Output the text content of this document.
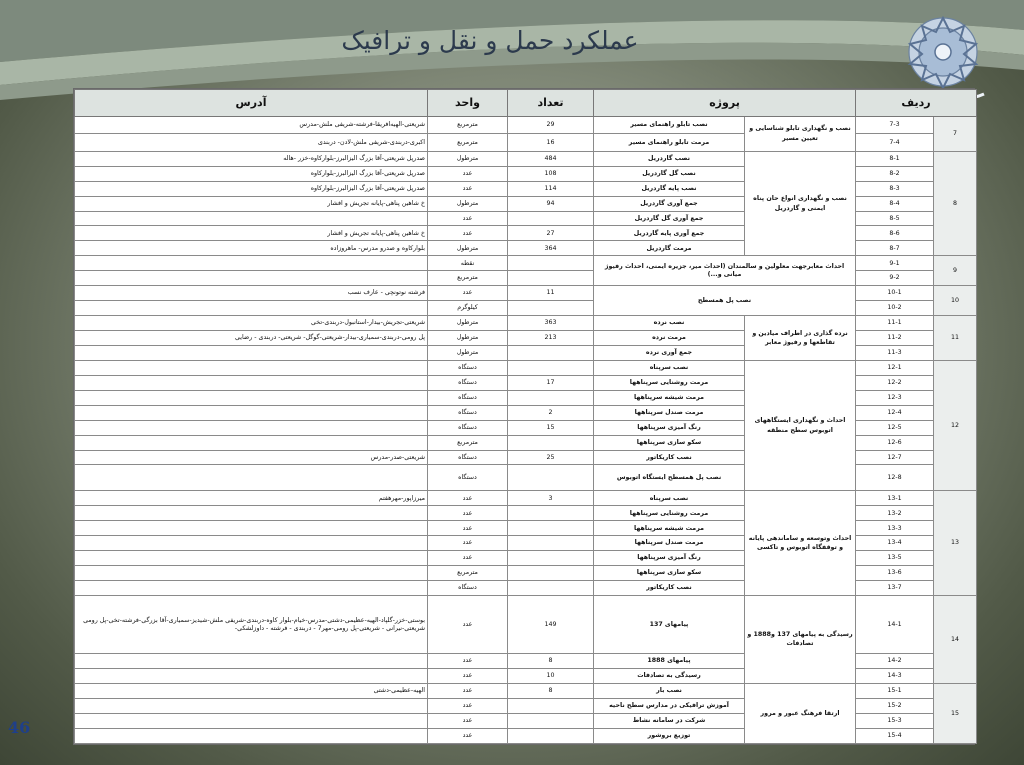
عملکرد حمل و نقل و ترافیک
46
ردیف		پروژه		تعداد	واحد	آدرس
7	7-3	نصب و نگهداری تابلو شناسایی و تعیین مسیر	نصب تابلو راهنمای مسیر	29	مترمربع	شریعتی-الهیه‌افریقا-فرشته-شریفی ملش-مدرس
	7-4		مرمت تابلو راهنمای مسیر	16	مترمربع	اکبری-دربندی-شریفی ملش-لادن- دربندی
8	8-1	نصب و نگهداری انواع حان پناه ایمنی و گاردریل	نصب گاردریل	484	مترطول	صدرپل شریعتی-آقا بزرگ الیزالبرز-بلوارکاوه-خزر -هاله
	8-2		نصب گل گاردریل	108	عدد	صدرپل شریعتی-آقا بزرگ الیزالبرز-بلوارکاوه
	8-3		نصب پایه گاردریل	114	عدد	صدرپل شریعتی-آقا بزرگ الیزالبرز-بلوارکاوه
	8-4		جمع آوری گاردریل	94	مترطول	خ شاهین پناهی-پایانه تجریش و افشار
	8-5		جمع آوری گل گاردریل		عدد	
	8-6		جمع آوری پایه گاردریل	27	عدد	خ شاهین پناهی-پایانه تجریش و افشار
	8-7		مرمت گاردریل	364	مترطول	بلوارکاوه و صدرو مدرس- ماهروزاده
9	9-1	احداث معابرجهت معلولین و سالمندان (احداث میر، جزیره ایمنی، احداث رفیوژ میانی و...)			نقطه	
	9-2				مترمربع	
10	10-1	نصب پل همسطح		11	عدد	فرشته نوتونچی - عارف نسب
	10-2				کیلوگرم	
11	11-1	نرده گذاری در اطراف میادین و تقاطعها و رفیوژ معابر	نصب نرده	363	مترطول	شریعتی-تجریش-بیدار-استانبول-دربندی-تخی
	11-2		مرمت نرده	213	مترطول	پل رومی-دربندی-سمیاری-بیدار-شریعتی-گوگل- شریعتی- دربندی - رضایی
	11-3		جمع آوری نرده		مترطول	
12	12-1	احداث و نگهداری ایستگاههای اتوبوس سطح منطقه	نصب سرپناه		دستگاه	
	12-2		مرمت روشنایی سرپناهها	17	دستگاه	
	12-3		مرمت شیشه سرپناهها		دستگاه	
	12-4		مرمت صندل سرپناهها	2	دستگاه	
	12-5		رنگ آمیزی سرپناهها	15	دستگاه	
	12-6		سکو سازی سرپناهها		مترمربع	
	12-7		نصب کاریکاتور	25	دستگاه	شریعتی-صدر-مدرس
	12-8		نصب پل همسطح ایستگاه اتوبوس		دستگاه	
13	13-1	احداث وتوسعه و ساماندهی پایانه و توقفگاه اتوبوس و تاکسی	نصب سرپناه	3	عدد	میرزاپور-مهرهفتم
	13-2		مرمت روشنایی سرپناهها		عدد	
	13-3		مرمت شیشه سرپناهها		عدد	
	13-4		مرمت صندل سرپناهها		عدد	
	13-5		رنگ آمیزی سرپناهها		عدد	
	13-6		سکو سازی سرپناهها		مترمربع	
	13-7		نصب کاریکاتور		دستگاه	
14	14-1	رسیدگی به پیامهای 137 و1888 و تصادفات	پیامهای 137	149	عدد	بوستی-خزر-گلپاد-الهیه-عظیمی-دشتی-مدرس-خیام-بلوار کاوه-دربندی-شریفی ملش-شیدیز-سمیاری-آقا بزرگی-فرشته-تخی-پل رومی شریعتی-نیرانی - شریعتی-پل رومی-مهر7 - دربندی - فرشته - داوزلشکی-
	14-2		پیامهای 1888	8	عدد	
	14-3		رسیدگی به تصادفات	10	عدد	
15	15-1	ارتقا فرهنگ عبور و مرور	نصب بار	8	عدد	الهیه-عظیمی-دشتی
	15-2		آموزش ترافیکی در مدارس سطح ناحیه		عدد	
	15-3		شرکت در سامانه نشاط		عدد	
	15-4		توزیع بروشور		عدد	
